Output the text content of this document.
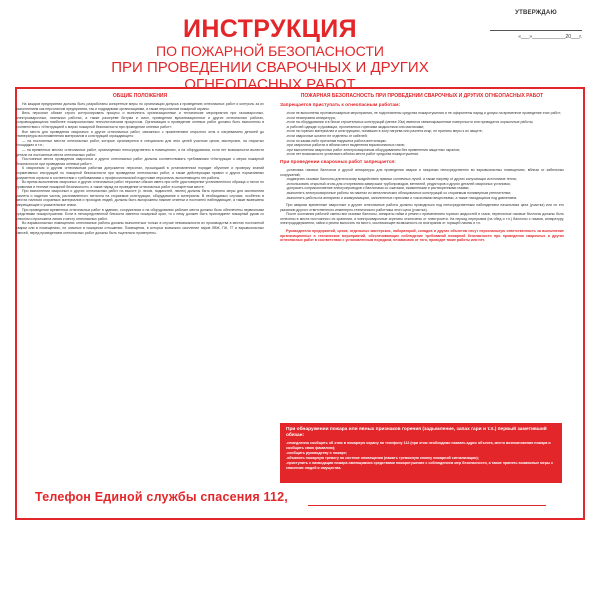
УТВЕРЖДАЮ
«___»____________20___г.
ИНСТРУКЦИЯ
ПО ПОЖАРНОЙ БЕЗОПАСНОСТИ
ПРИ ПРОВЕДЕНИИ СВАРОЧНЫХ И ДРУГИХ ОГНЕОПАСНЫХ РАБОТ
ОБЩИЕ ПОЛОЖЕНИЯ

На каждом предприятии должны быть разработаны конкретные меры по организации допуска к проведению огнеопасных работ и контроль за их выполнением как персоналом предприятия, так и подрядными организациями, а также персоналом пожарной охраны.

Весь персонал обязан строго контролировать процесс и выполнять организационные и технические мероприятия при газосварочных, электросварочных, паяльных работах, а также разогреве битума и смол, проведении вулканизационных и других огнеопасных работах, сопровождающихся наиболее пожароопасным технологическим процессом. Организация и проведение огневых работ должны быть выполнены в соответствии с «Инструкцией о мерах пожарной безопасности при проведении огневых работ».

Все места для проведения сварочных и других огнеопасных работ, связанных с применением открытого огня и нагреванием деталей до температуры воспламенения материалов и конструкций ограждающего:

— на постоянных местах огнеопасных работ, которые организуются в специально для этих целей участках цехов, мастерских, на открытых площадках и т.п.;

— на временных местах огнеопасных работ, организуемых непосредственно в помещениях, а на оборудовании, если нет возможности вынести детали на постоянные места огнеопасных работ.

Постоянные места проведения сварочных и других огнеопасных работ должны соответствовать требованиям «Инструкции о мерах пожарной безопасности при проведении огневых работ».

К сварочным и другим огнеопасным работам допускается персонал, прошедший в установленном порядке обучение и проверку знаний нормативных инструкций по пожарной безопасности при проведении огнеопасных работ, а также действующим правил и других нормативных документов отрасли в соответствии с требованиями к профессиональной подготовке персонала, выполняющего эти работы.

Во время выполнения сварочных и других огнеопасных работ персонал обязан иметь при себе удостоверение установленного образца и талон по правилам и технике пожарной безопасности, а также наряд на проведение огнеопасных работ в конкретном месте.

При выполнении сварочных и других огнеопасных работ на высоте (с лесов, подмостей, люлек) должны быть приняты меры для исключения разлета и падения частиц расплавленного металла на сгораемые конструкции, оборудование и материалы. В необходимых случаях, особенно в местах наличия сгораемых материалов и проходов людей, должны быть выгорожены нижние отметки и постоянно наблюдающие, а также вывешены запрещающие и указательные знаки.

При проведении временных огнеопасных работ в зданиях, сооружениях и на оборудовании рабочие места должны быть обеспечены первичными средствами пожаротушения. Если в непосредственной близости имеется пожарный кран, то к нему должен быть присоединен пожарный рукав со стволом и проложена линия к месту огнеопасных работ.

Во взрывоопасных помещениях огнеопасные работы должны выполняться только в случае невозможности их производства в местах постоянной сварки или в помещениях, не опасных в пожарном отношении. Помещения, в которых возможно скопление паров ЛВЖ, ГЖ, ГГ и взрывоопасных смесей, перед проведением огнеопасных работ должны быть тщательно проветрены.

ПОЖАРНАЯ БЕЗОПАСНОСТЬ ПРИ ПРОВЕДЕНИИ СВАРОЧНЫХ И ДРУГИХ ОГНЕОПАСНЫХ РАБОТ
Запрещается приступать к огнеопасным работам:

-если не выполнены противопожарные мероприятия, не подготовлены средства пожаротушения и не оформлены наряд и допуск на временное проведение этих работ;

-если неисправна аппаратура;

-если на оборудовании и в близи строительных конструкций (менее 20м) имеются свежеокрашенные поверхности или проводятся окрасочные работы;

-в рабочей одежде и рукавицах, пропитанных горючими жидкостями или мастиками;

-если на горючих материалах и конструкциях, попавших в зону нагрева или разлета искр, не приняты меры к их защите;

-если сварочные шланги не отделены от кабелей;

-если по каким-либо причинам нарушена работа вентиляции;

-при сварочных работах и вблизи мест выделения взрывоопасных газов;

-при выполнении сварочных работ электросварочным оборудованием без применения защитных экранов;

-если нет возможности установить вблизи места работ средства пожаротушения.

При проведении сварочных работ запрещается:

-установка газовых баллонов и другой аппаратуры для проведения сварки и газорезки непосредственно во взрывоопасных помещениях, вблизи от кабельных сооружений;

-подвергать газовые баллоны длительному воздействию прямых солнечных лучей, а также нагреву от других излучающих источников тепла;

-использовать открытый огонь для отогревания замерзших трубопроводов, вентилей, редукторов и других деталей сварочных установок;

-допускать соприкосновение электропроводов с баллонами со сжатыми, сжиженными и растворенными газами;

-выполнять электросварочные работы на пакетах из металлических облицовочных конструкций со сгораемым полимерным утеплителем;

-выполнять работы на аппаратах и коммуникациях, заполненных горючими и токсичными веществами, а также находящихся под давлением.

При авариях временные сварочные и другие огнеопасные работы должны проводиться под непосредственным наблюдением начальника цеха (участка) или по его указанию другого ответственного инженерно-технического работника этого цеха (участка).

После окончания рабочей смены все газовые баллоны, аппараты гайки и ремни с применением горючих жидкостей и газов, переносные газовые баллоны должны быть отнесены в места постоянного их хранения, а электросварочные агрегаты отключены от электросети. На период перерывов (на обед и т.п.) баллоны с газами, аппаратуру, электрододержатели, гайки и ремни выносить на место, исключающее возможность их возгорания от горящей лампы и т.п.

Руководители предприятий, цехов, отдельных мастерских, лабораторий, складов и других объектов несут персональную ответственность за выполнение организационных и технических мероприятий, обеспечивающих соблюдение требований пожарной безопасности при проведении сварочных и других огнеопасных работ в соответствии с установленным порядком, независимо от того, проводят такие работы или нет.

При обнаружении пожара или явных признаков горения (задымление, запах гари и т.п.) первый заметивший обязан:
-немедленно сообщить об этом в пожарную охрану по телефону 112 (при этом необходимо назвать адрес объекта, место возникновения пожара и сообщить свою фамилию);
-сообщить руководству о пожаре;
-объявить пожарную тревогу по системе оповещения (нажать тревожную кнопку пожарной сигнализации);
-приступить к ликвидации пожара имеющимися средствами пожаротушения с соблюдением мер безопасности, а также принять возможные меры к спасению людей и имущества.
Телефон Единой службы спасения 112,
